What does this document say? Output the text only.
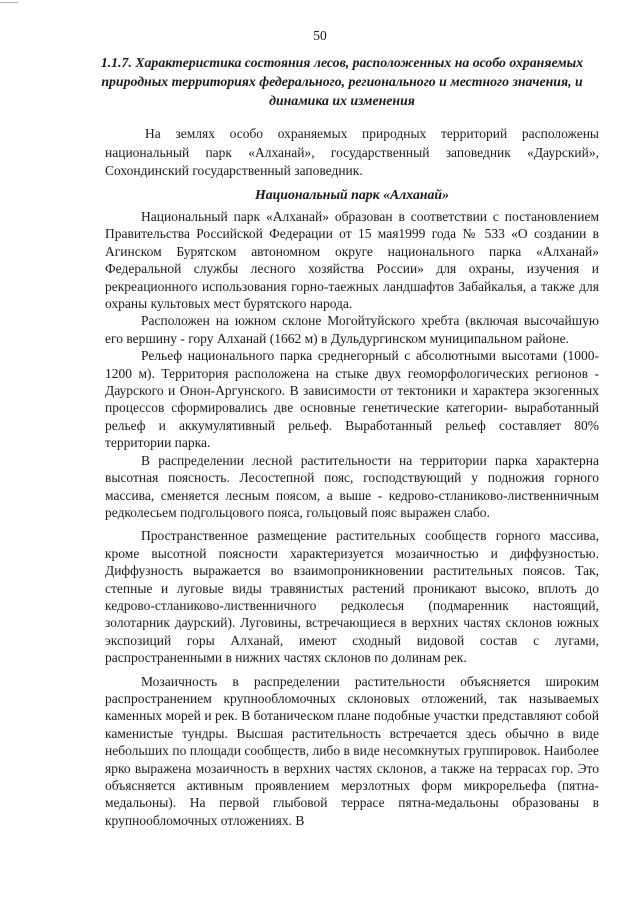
50
1.1.7. Характеристика состояния лесов, расположенных на особо охраняемых природных территориях федерального, регионального и местного значения, и динамика их изменения

На землях особо охраняемых природных территорий расположены национальный парк «Алханай», государственный заповедник «Даурский», Сохондинский государственный заповедник.

Национальный парк «Алханай»

Национальный парк «Алханай» образован в соответствии с постановлением Правительства Российской Федерации от 15 мая1999 года № 533 «О создании в Агинском Бурятском автономном округе национального парка «Алханай» Федеральной службы лесного хозяйства России» для охраны, изучения и рекреационного использования горно-таежных ландшафтов Забайкалья, а также для охраны культовых мест бурятского народа.

Расположен на южном склоне Могойтуйского хребта (включая высочайшую его вершину - гору Алханай (1662 м) в Дульдургинском муниципальном районе.

Рельеф национального парка среднегорный с абсолютными высотами (1000-1200 м). Территория расположена на стыке двух геоморфологических регионов - Даурского и Онон-Аргунского. В зависимости от тектоники и характера экзогенных процессов сформировались две основные генетические категории- выработанный рельеф и аккумулятивный рельеф. Выработанный рельеф составляет 80% территории парка.

В распределении лесной растительности на территории парка характерна высотная поясность. Лесостепной пояс, господствующий у подножия горного массива, сменяется лесным поясом, а выше - кедрово-стланиково-лиственничным редколесьем подгольцового пояса, гольцовый пояс выражен слабо.

Пространственное размещение растительных сообществ горного массива, кроме высотной поясности характеризуется мозаичностью и диффузностью. Диффузность выражается во взаимопроникновении растительных поясов. Так, степные и луговые виды травянистых растений проникают высоко, вплоть до кедрово-стланиково-лиственничного редколесья (подмаренник настоящий, золотарник даурский). Луговины, встречающиеся в верхних частях склонов южных экспозиций горы Алханай, имеют сходный видовой состав с лугами, распространенными в нижних частях склонов по долинам рек.

Мозаичность в распределении растительности объясняется широким распространением крупнообломочных склоновых отложений, так называемых каменных морей и рек. В ботаническом плане подобные участки представляют собой каменистые тундры. Высшая растительность встречается здесь обычно в виде небольших по площади сообществ, либо в виде несомкнутых группировок. Наиболее ярко выражена мозаичность в верхних частях склонов, а также на террасах гор. Это объясняется активным проявлением мерзлотных форм микрорельефа (пятна-медальоны). На первой глыбовой террасе пятна-медальоны образованы в крупнообломочных отложениях. В
